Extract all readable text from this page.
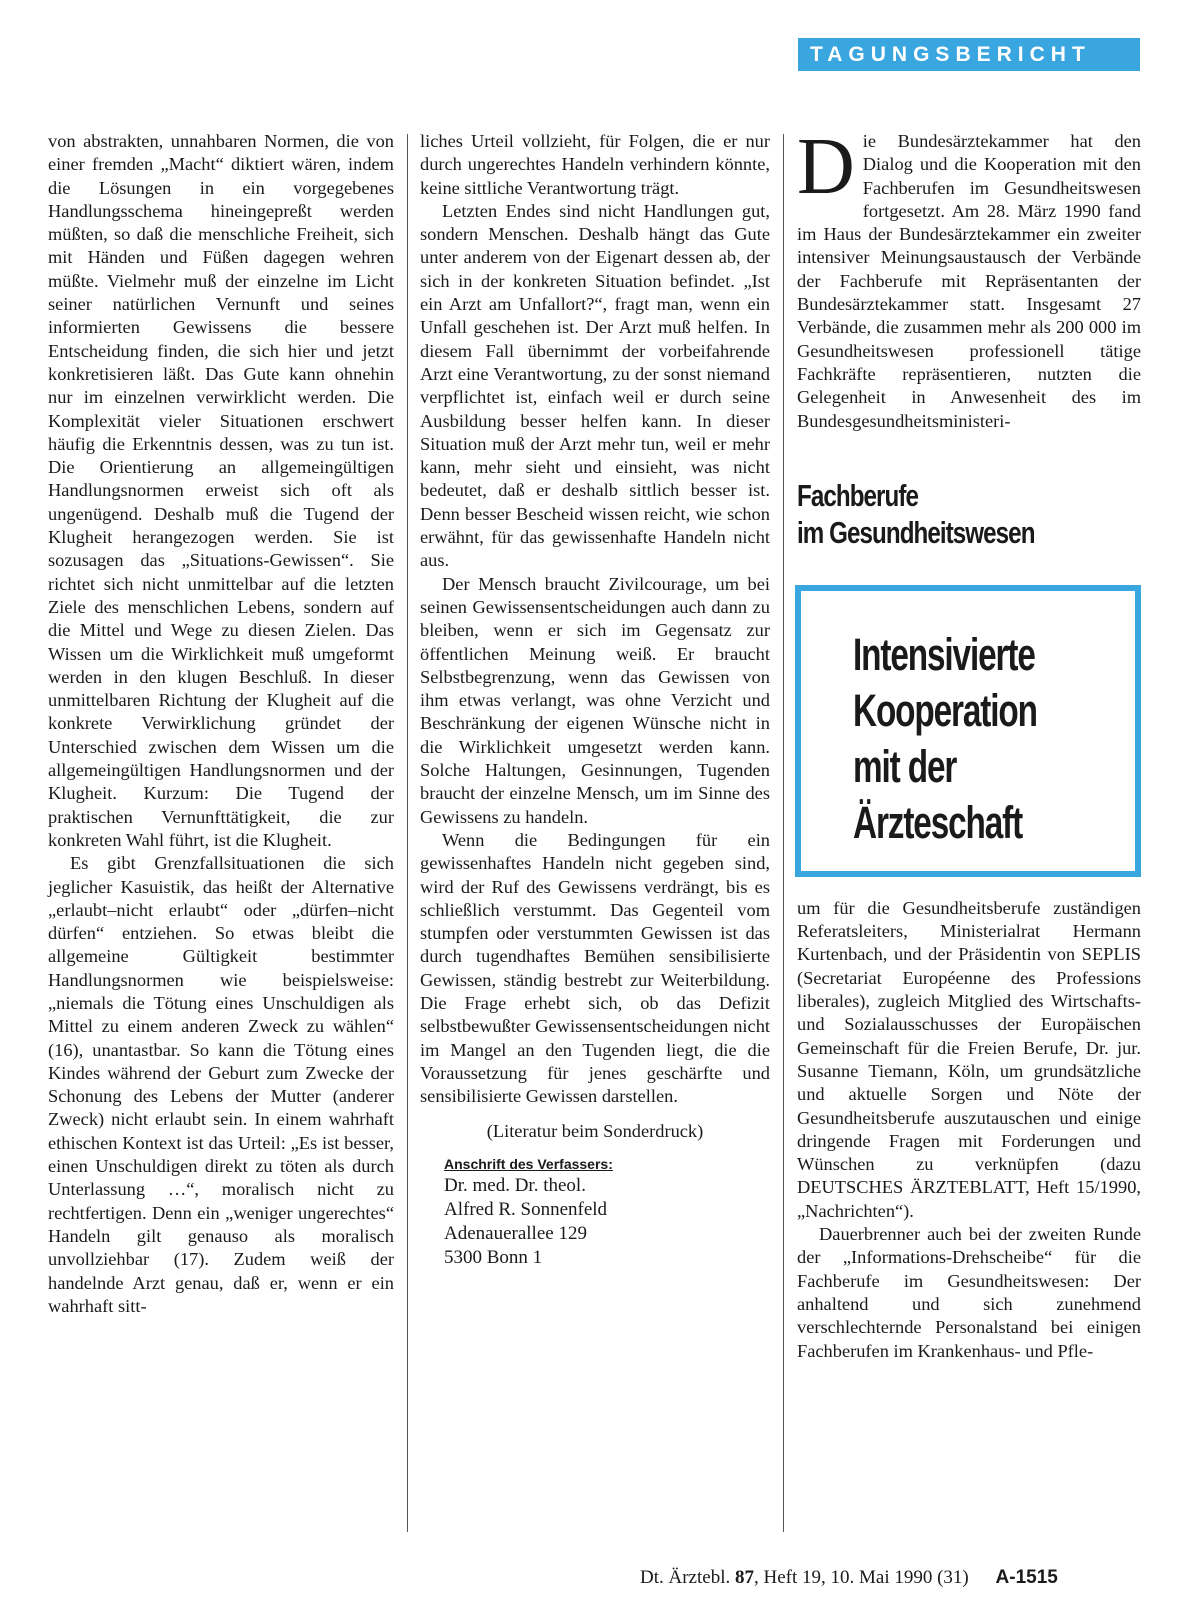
TAGUNGSBERICHT

von abstrakten, unnahbaren Normen, die von einer fremden „Macht“ diktiert wären, indem die Lösungen in ein vorgegebenes Handlungsschema hineingepreßt werden müßten, so daß die menschliche Freiheit, sich mit Händen und Füßen dagegen wehren müßte. Vielmehr muß der einzelne im Licht seiner natürlichen Vernunft und seines informierten Gewissens die bessere Entscheidung finden, die sich hier und jetzt konkretisieren läßt. Das Gute kann ohnehin nur im einzelnen verwirklicht werden. Die Komplexität vieler Situationen erschwert häufig die Erkenntnis dessen, was zu tun ist. Die Orientierung an allgemeingültigen Handlungsnormen erweist sich oft als ungenügend. Deshalb muß die Tugend der Klugheit herangezogen werden. Sie ist sozusagen das „Situations-Gewissen“. Sie richtet sich nicht unmittelbar auf die letzten Ziele des menschlichen Lebens, sondern auf die Mittel und Wege zu diesen Zielen. Das Wissen um die Wirklichkeit muß umgeformt werden in den klugen Beschluß. In dieser unmittelbaren Richtung der Klugheit auf die konkrete Verwirklichung gründet der Unterschied zwischen dem Wissen um die allgemeingültigen Handlungsnormen und der Klugheit. Kurzum: Die Tugend der praktischen Vernunfttätigkeit, die zur konkreten Wahl führt, ist die Klugheit.

Es gibt Grenzfallsituationen die sich jeglicher Kasuistik, das heißt der Alternative „erlaubt–nicht erlaubt“ oder „dürfen–nicht dürfen“ entziehen. So etwas bleibt die allgemeine Gültigkeit bestimmter Handlungsnormen wie beispielsweise: „niemals die Tötung eines Unschuldigen als Mittel zu einem anderen Zweck zu wählen“ (16), unantastbar. So kann die Tötung eines Kindes während der Geburt zum Zwecke der Schonung des Lebens der Mutter (anderer Zweck) nicht erlaubt sein. In einem wahrhaft ethischen Kontext ist das Urteil: „Es ist besser, einen Unschuldigen direkt zu töten als durch Unterlassung …“, moralisch nicht zu rechtfertigen. Denn ein „weniger ungerechtes“ Handeln gilt genauso als moralisch unvollziehbar (17). Zudem weiß der handelnde Arzt genau, daß er, wenn er ein wahrhaft sitt-

liches Urteil vollzieht, für Folgen, die er nur durch ungerechtes Handeln verhindern könnte, keine sittliche Verantwortung trägt.

Letzten Endes sind nicht Handlungen gut, sondern Menschen. Deshalb hängt das Gute unter anderem von der Eigenart dessen ab, der sich in der konkreten Situation befindet. „Ist ein Arzt am Unfallort?“, fragt man, wenn ein Unfall geschehen ist. Der Arzt muß helfen. In diesem Fall übernimmt der vorbeifahrende Arzt eine Verantwortung, zu der sonst niemand verpflichtet ist, einfach weil er durch seine Ausbildung besser helfen kann. In dieser Situation muß der Arzt mehr tun, weil er mehr kann, mehr sieht und einsieht, was nicht bedeutet, daß er deshalb sittlich besser ist. Denn besser Bescheid wissen reicht, wie schon erwähnt, für das gewissenhafte Handeln nicht aus.

Der Mensch braucht Zivilcourage, um bei seinen Gewissensentscheidungen auch dann zu bleiben, wenn er sich im Gegensatz zur öffentlichen Meinung weiß. Er braucht Selbstbegrenzung, wenn das Gewissen von ihm etwas verlangt, was ohne Verzicht und Beschränkung der eigenen Wünsche nicht in die Wirklichkeit umgesetzt werden kann. Solche Haltungen, Gesinnungen, Tugenden braucht der einzelne Mensch, um im Sinne des Gewissens zu handeln.

Wenn die Bedingungen für ein gewissenhaftes Handeln nicht gegeben sind, wird der Ruf des Gewissens verdrängt, bis es schließlich verstummt. Das Gegenteil vom stumpfen oder verstummten Gewissen ist das durch tugendhaftes Bemühen sensibilisierte Gewissen, ständig bestrebt zur Weiterbildung. Die Frage erhebt sich, ob das Defizit selbstbewußter Gewissensentscheidungen nicht im Mangel an den Tugenden liegt, die die Voraussetzung für jenes geschärfte und sensibilisierte Gewissen darstellen.

(Literatur beim Sonderdruck)

Anschrift des Verfassers:
Dr. med. Dr. theol.
Alfred R. Sonnenfeld
Adenauerallee 129
5300 Bonn 1

Die Bundesärztekammer hat den Dialog und die Kooperation mit den Fachberufen im Gesundheitswesen fortgesetzt. Am 28. März 1990 fand im Haus der Bundesärztekammer ein zweiter intensiver Meinungsaustausch der Verbände der Fachberufe mit Repräsentanten der Bundesärztekammer statt. Insgesamt 27 Verbände, die zusammen mehr als 200 000 im Gesundheitswesen professionell tätige Fachkräfte repräsentieren, nutzten die Gelegenheit in Anwesenheit des im Bundesgesundheitsministeri-

Fachberufe
im Gesundheitswesen
Intensivierte
Kooperation
mit der
Ärzteschaft

um für die Gesundheitsberufe zuständigen Referatsleiters, Ministerialrat Hermann Kurtenbach, und der Präsidentin von SEPLIS (Secretariat Européenne des Professions liberales), zugleich Mitglied des Wirtschafts- und Sozialausschusses der Europäischen Gemeinschaft für die Freien Berufe, Dr. jur. Susanne Tiemann, Köln, um grundsätzliche und aktuelle Sorgen und Nöte der Gesundheitsberufe auszutauschen und einige dringende Fragen mit Forderungen und Wünschen zu verknüpfen (dazu DEUTSCHES ÄRZTEBLATT, Heft 15/1990, „Nachrichten“).

Dauerbrenner auch bei der zweiten Runde der „Informations-Drehscheibe“ für die Fachberufe im Gesundheitswesen: Der anhaltend und sich zunehmend verschlechternde Personalstand bei einigen Fachberufen im Krankenhaus- und Pfle-

Dt. Ärztebl. 87, Heft 19, 10. Mai 1990 (31) A-1515
